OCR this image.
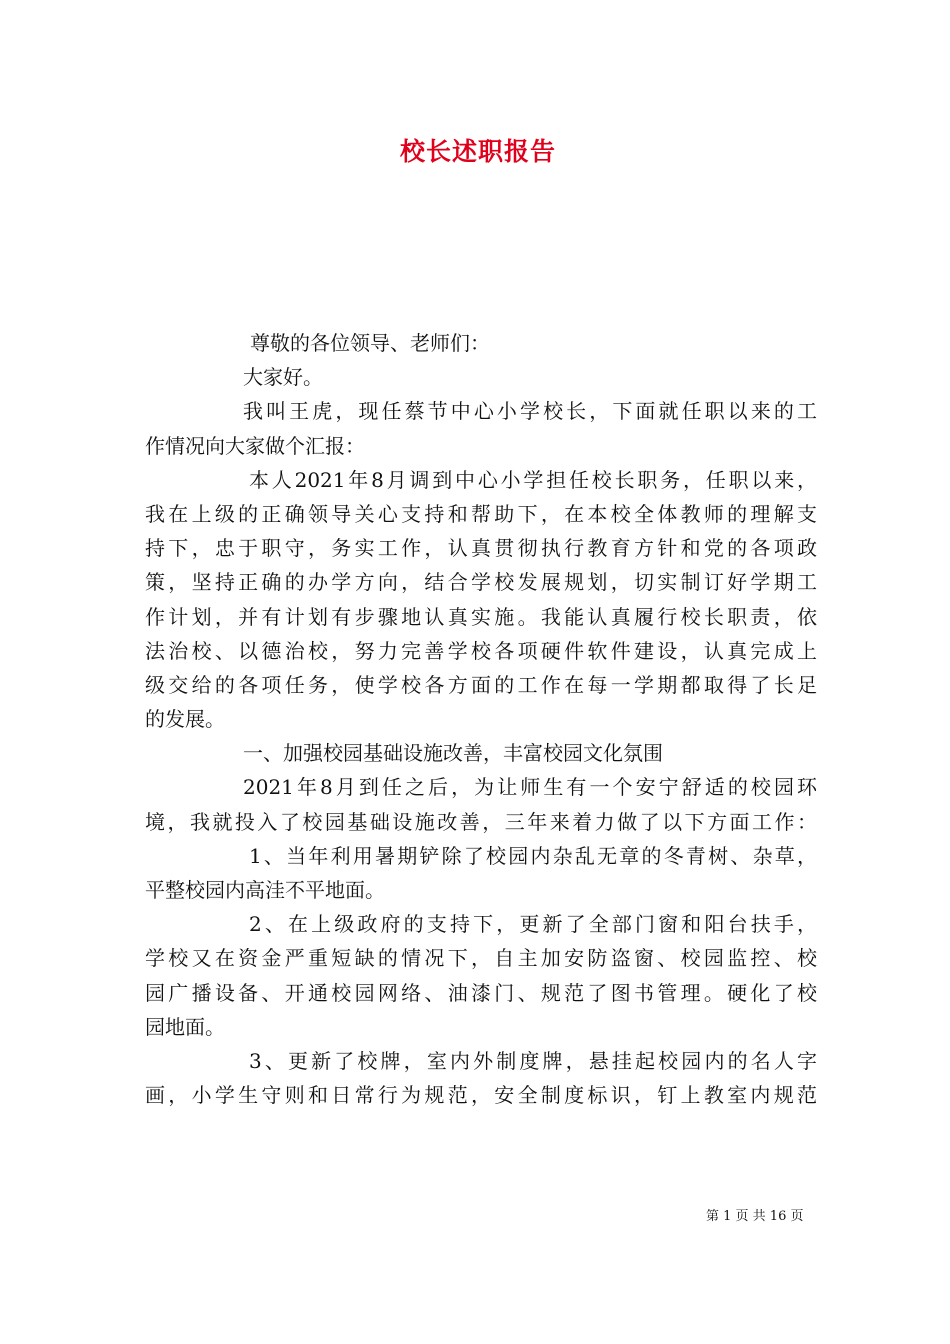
校长述职报告
尊敬的各位领导、老师们：
大家好。
我叫王虎，现任蔡节中心小学校长，下面就任职以来的工
作情况向大家做个汇报：
本人2021年8月调到中心小学担任校长职务，任职以来，
我在上级的正确领导关心支持和帮助下，在本校全体教师的理解支
持下，忠于职守，务实工作，认真贯彻执行教育方针和党的各项政
策，坚持正确的办学方向，结合学校发展规划，切实制订好学期工
作计划，并有计划有步骤地认真实施。我能认真履行校长职责，依
法治校、以德治校，努力完善学校各项硬件软件建设，认真完成上
级交给的各项任务，使学校各方面的工作在每一学期都取得了长足
的发展。
一、加强校园基础设施改善，丰富校园文化氛围
2021年8月到任之后，为让师生有一个安宁舒适的校园环
境，我就投入了校园基础设施改善，三年来着力做了以下方面工作：
1、当年利用暑期铲除了校园内杂乱无章的冬青树、杂草，
平整校园内高洼不平地面。
2、在上级政府的支持下，更新了全部门窗和阳台扶手，
学校又在资金严重短缺的情况下，自主加安防盗窗、校园监控、校
园广播设备、开通校园网络、油漆门、规范了图书管理。硬化了校
园地面。
3、更新了校牌，室内外制度牌，悬挂起校园内的名人字
画，小学生守则和日常行为规范，安全制度标识，钉上教室内规范
第 1 页 共 16 页
